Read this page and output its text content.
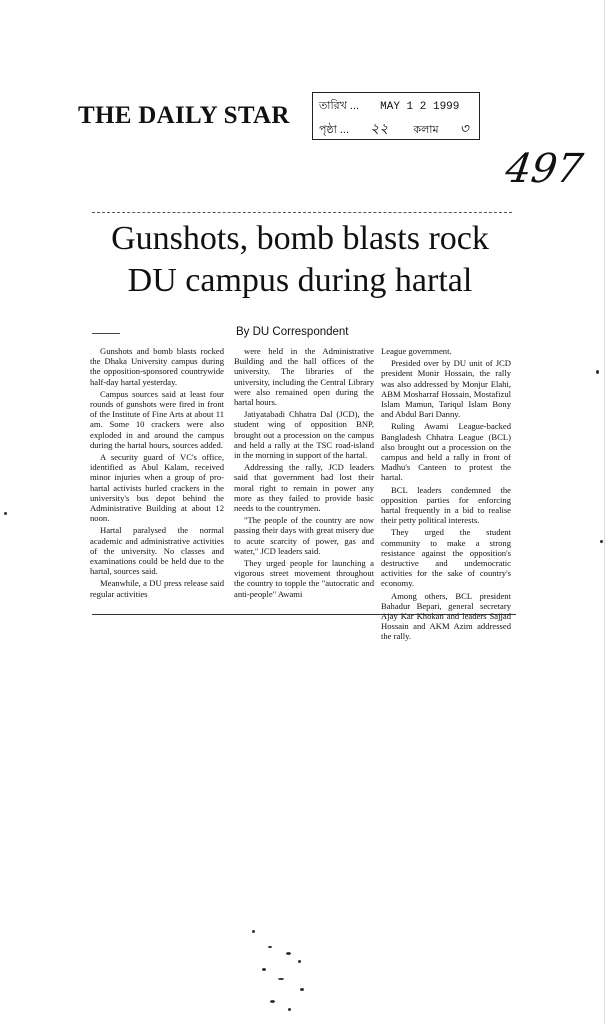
THE DAILY STAR	তারিখ ... MAY 1 2 1999
পৃষ্ঠা ... ২২ কলাম ৩
497
Gunshots, bomb blasts rock
DU campus during hartal
By DU Correspondent

Gunshots and bomb blasts rocked the Dhaka University campus during the opposition-sponsored countrywide half-day hartal yesterday.

Campus sources said at least four rounds of gunshots were fired in front of the Institute of Fine Arts at about 11 am. Some 10 crackers were also exploded in and around the campus during the hartal hours, sources added.

A security guard of VC's office, identified as Abul Kalam, received minor injuries when a group of pro-hartal activists hurled crackers in the university's bus depot behind the Administrative Building at about 12 noon.

Hartal paralysed the normal academic and administrative activities of the university. No classes and examinations could be held due to the hartal, sources said.

Meanwhile, a DU press release said regular activities

were held in the Administrative Building and the hall offices of the university. The libraries of the university, including the Central Library were also remained open during the hartal hours.

Jatiyatabadi Chhatra Dal (JCD), the student wing of opposition BNP, brought out a procession on the campus and held a rally at the TSC road-island in the morning in support of the hartal.

Addressing the rally, JCD leaders said that government had lost their moral right to remain in power any more as they failed to provide basic needs to the countrymen.

"The people of the country are now passing their days with great misery due to acute scarcity of power, gas and water," JCD leaders said.

They urged people for launching a vigorous street movement throughout the country to topple the "autocratic and anti-people" Awami

League government.

Presided over by DU unit of JCD president Monir Hossain, the rally was also addressed by Monjur Elahi, ABM Mosharraf Hossain, Mostafizul Islam Mamun, Tariqul Islam Bony and Abdul Bari Danny.

Ruling Awami League-backed Bangladesh Chhatra League (BCL) also brought out a procession on the campus and held a rally in front of Madhu's Canteen to protest the hartal.

BCL leaders condemned the opposition parties for enforcing hartal frequently in a bid to realise their petty political interests.

They urged the student community to make a strong resistance against the opposition's destructive and undemocratic activities for the sake of country's economy.

Among others, BCL president Bahadur Bepari, general secretary Ajay Kar Khokan and leaders Sajjad Hossain and AKM Azim addressed the rally.
